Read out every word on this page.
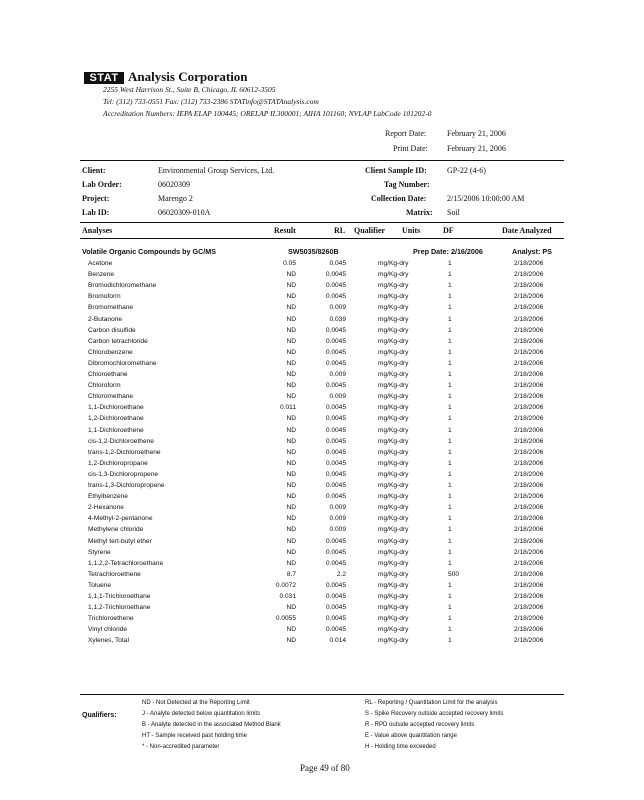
STAT Analysis Corporation
2255 West Harrison St., Suite B, Chicago, IL 60612-3505
Tel: (312) 733-0551 Fax: (312) 733-2386 STATinfo@STATAnalysis.com
Accreditation Numbers: IEPA ELAP 100445; ORELAP IL300001; AIHA 101160; NVLAP LabCode 101202-0
Report Date:	February 21, 2006
Print Date: February 21, 2006
Client:	Environmental Group Services, Ltd.	Client Sample ID:	GP-22 (4-6)
Lab Order:	06020309	Tag Number:
Project:	Marengo 2	Collection Date:	2/15/2006 10:00:00 AM
Lab ID:	06020309-010A	Matrix: Soil
Analyses	Result	RL Qualifier Units	DF	Date Analyzed
Volatile Organic Compounds by GC/MS	SW5035/8260B	Prep Date: 2/16/2006	Analyst: PS
Acetone	0.05	0.045	mg/Kg-dry	1	2/18/2006
Benzene	ND	0.0045	mg/Kg-dry	1	2/18/2006
Bromodichloromethane	ND	0.0045	mg/Kg-dry	1	2/18/2006
Bromoform	ND	0.0045	mg/Kg-dry	1	2/18/2006
Bromomethane	ND	0.009	mg/Kg-dry	1	2/18/2006
2-Butanone	ND	0.039	mg/Kg-dry	1	2/18/2006
Carbon disulfide	ND	0.0045	mg/Kg-dry	1	2/18/2006
Carbon tetrachloride	ND	0.0045	mg/Kg-dry	1	2/18/2006
Chlorobenzene	ND	0.0045	mg/Kg-dry	1	2/18/2006
Dibromochloromethane	ND	0.0045	mg/Kg-dry	1	2/18/2006
Chloroethane	ND	0.009	mg/Kg-dry	1	2/18/2006
Chloroform	ND	0.0045	mg/Kg-dry	1	2/18/2006
Chloromethane	ND	0.009	mg/Kg-dry	1	2/18/2006
1,1-Dichloroethane	0.011	0.0045	mg/Kg-dry	1	2/18/2006
1,2-Dichloroethane	ND	0.0045	mg/Kg-dry	1	2/18/2006
1,1-Dichloroethene	ND	0.0045	mg/Kg-dry	1	2/18/2006
cis-1,2-Dichloroethene	ND	0.0045	mg/Kg-dry	1	2/18/2006
trans-1,2-Dichloroethene	ND	0.0045	mg/Kg-dry	1	2/18/2006
1,2-Dichloropropane	ND	0.0045	mg/Kg-dry	1	2/18/2006
cis-1,3-Dichloropropene	ND	0.0045	mg/Kg-dry	1	2/18/2006
trans-1,3-Dichloropropene	ND	0.0045	mg/Kg-dry	1	2/18/2006
Ethylbenzene	ND	0.0045	mg/Kg-dry	1	2/18/2006
2-Hexanone	ND	0.009	mg/Kg-dry	1	2/18/2006
4-Methyl-2-pentanone	ND	0.009	mg/Kg-dry	1	2/18/2006
Methylene chloride	ND	0.009	mg/Kg-dry	1	2/18/2006
Methyl tert-butyl ether	ND	0.0045	mg/Kg-dry	1	2/18/2006
Styrene	ND	0.0045	mg/Kg-dry	1	2/18/2006
1,1,2,2-Tetrachloroethane	ND	0.0045	mg/Kg-dry	1	2/18/2006
Tetrachloroethene	8.7	2.2	mg/Kg-dry	500	2/18/2006
Toluene	0.0072	0.0045	mg/Kg-dry	1	2/18/2006
1,1,1-Trichloroethane	0.031	0.0045	mg/Kg-dry	1	2/18/2006
1,1,2-Trichloroethane	ND	0.0045	mg/Kg-dry	1	2/18/2006
Trichloroethene	0.0055	0.0045	mg/Kg-dry	1	2/18/2006
Vinyl chloride	ND	0.0045	mg/Kg-dry	1	2/18/2006
Xylenes, Total	ND	0.014	mg/Kg-dry	1	2/18/2006
Qualifiers:
ND - Not Detected at the Reporting Limit
J - Analyte detected below quantitation limits
B - Analyte detected in the associated Method Blank
HT - Sample received past holding time
* - Non-accredited parameter
RL - Reporting / Quantitation Limit for the analysis
S - Spike Recovery outside accepted recovery limits
R - RPD outside accepted recovery limits
E - Value above quantitation range
H - Holding time exceeded
Page 49 of 80
